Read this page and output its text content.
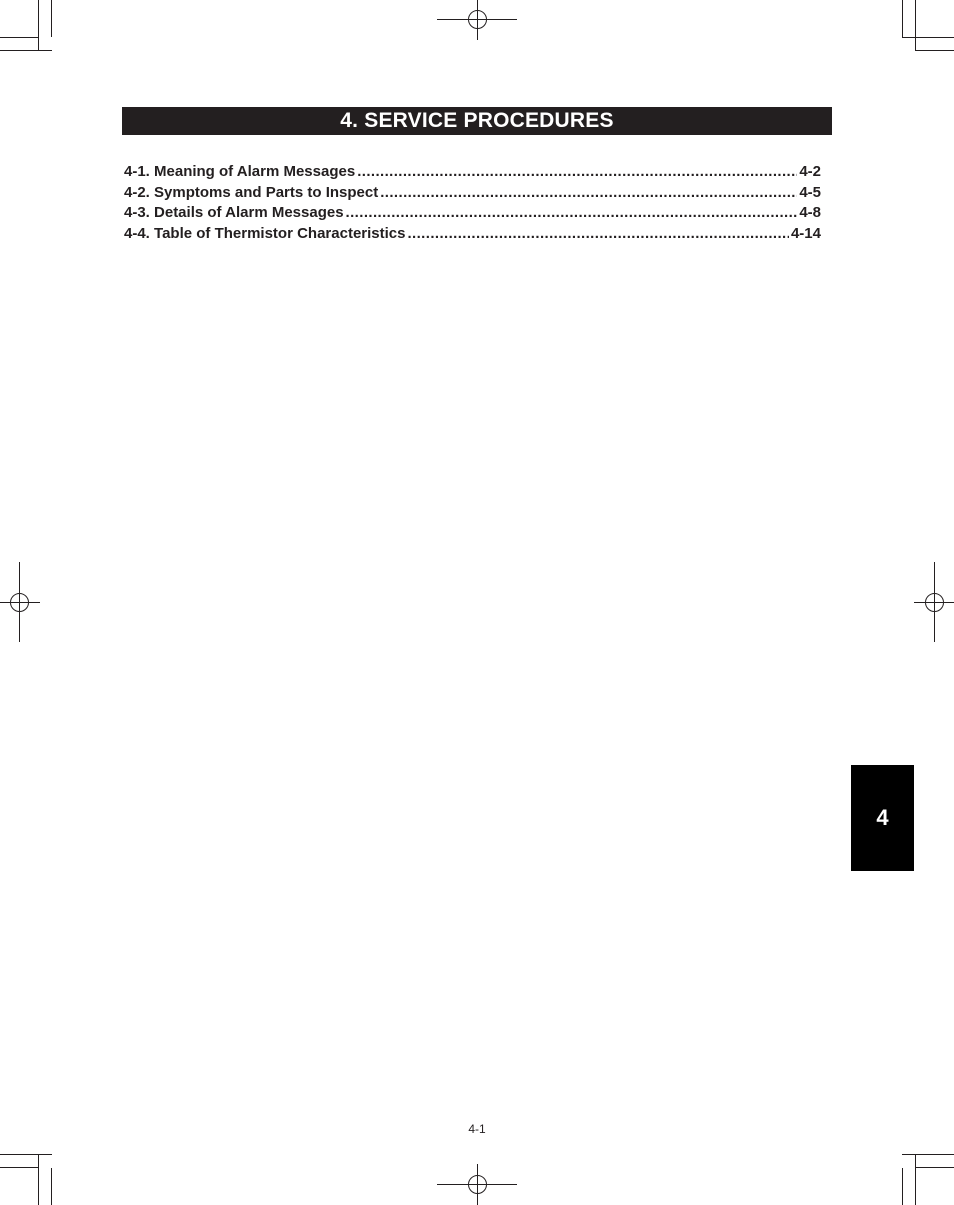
4. SERVICE PROCEDURES
4-1. Meaning of Alarm Messages .....	4-2
4-2. Symptoms and Parts to Inspect .....	4-5
4-3. Details of Alarm Messages .....	4-8
4-4. Table of Thermistor Characteristics .....	4-14
4
4-1
